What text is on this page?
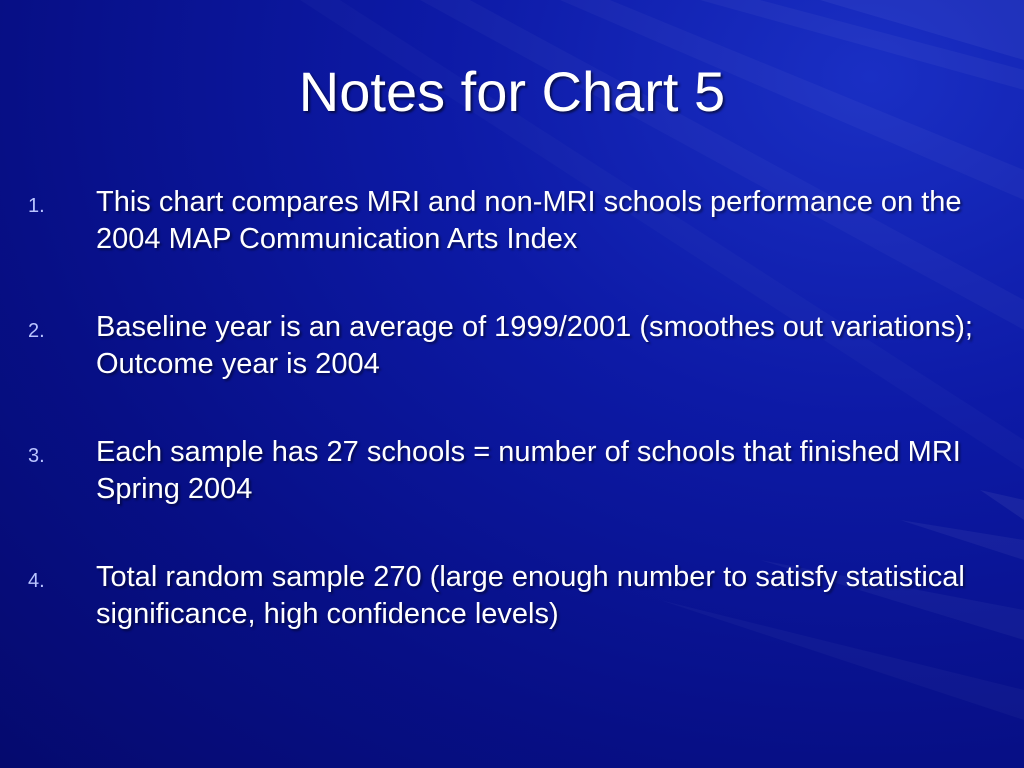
Notes for Chart 5
1. This chart compares MRI and non-MRI schools performance on the 2004 MAP Communication Arts Index
2. Baseline year is an average of 1999/2001 (smoothes out variations); Outcome year is 2004
3. Each sample has 27 schools = number of schools that finished MRI Spring 2004
4. Total random sample 270 (large enough number to satisfy statistical significance, high confidence levels)
